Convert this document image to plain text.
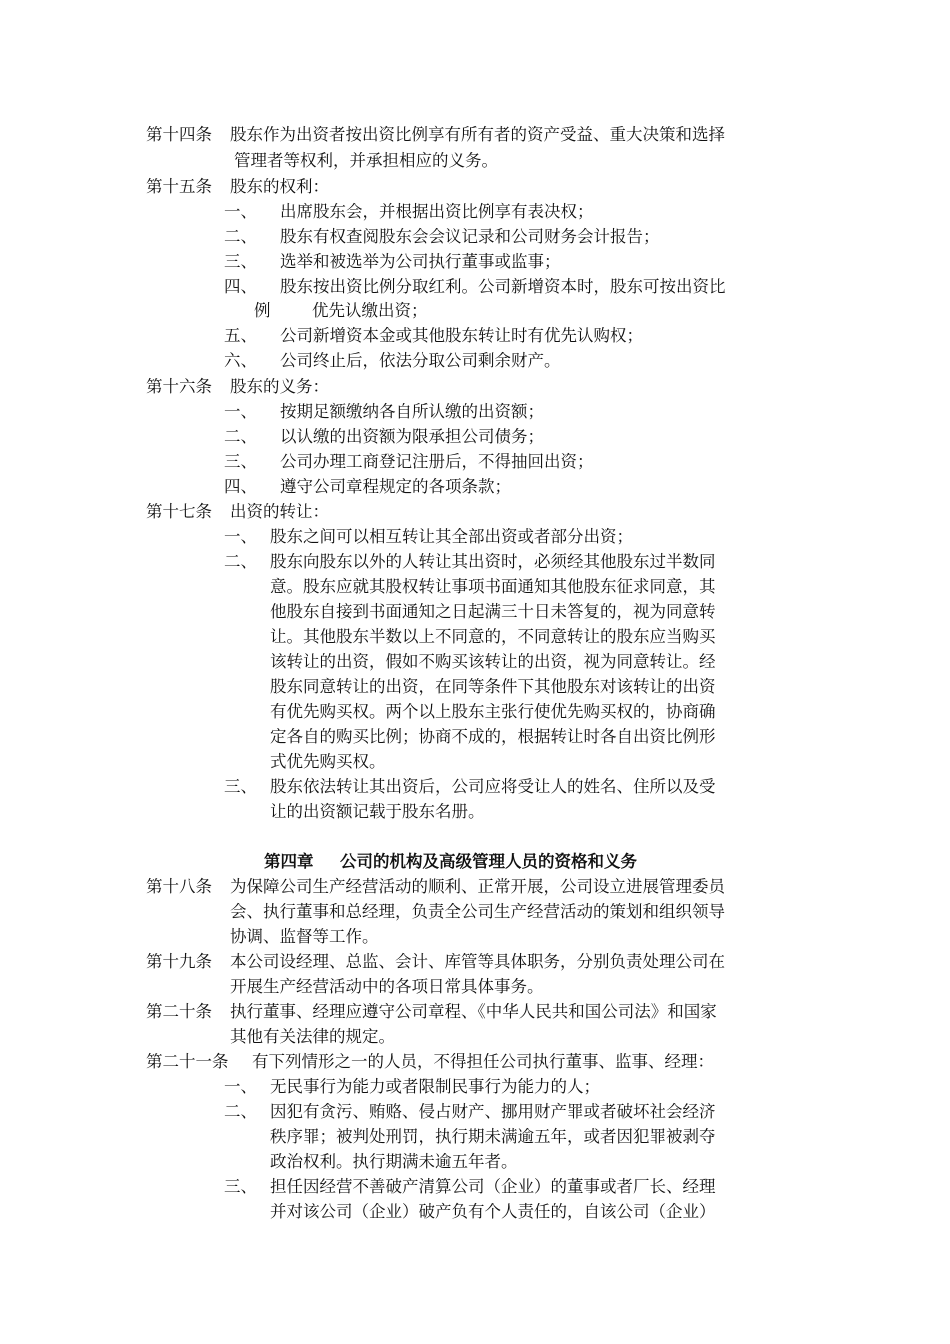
第十四条 股东作为出资者按出资比例享有所有者的资产受益、重大决策和选择
管理者等权利，并承担相应的义务。
第十五条 股东的权利：
一、 出席股东会，并根据出资比例享有表决权；
二、 股东有权查阅股东会会议记录和公司财务会计报告；
三、 选举和被选举为公司执行董事或监事；
四、 股东按出资比例分取红利。公司新增资本时，股东可按出资比
例	优先认缴出资；
五、 公司新增资本金或其他股东转让时有优先认购权；
六、 公司终止后，依法分取公司剩余财产。
第十六条 股东的义务：
一、 按期足额缴纳各自所认缴的出资额；
二、 以认缴的出资额为限承担公司债务；
三、 公司办理工商登记注册后，不得抽回出资；
四、 遵守公司章程规定的各项条款；
第十七条 出资的转让：
一、 股东之间可以相互转让其全部出资或者部分出资；
二、 股东向股东以外的人转让其出资时，必须经其他股东过半数同
意。股东应就其股权转让事项书面通知其他股东征求同意，其
他股东自接到书面通知之日起满三十日未答复的，视为同意转
让。其他股东半数以上不同意的，不同意转让的股东应当购买
该转让的出资，假如不购买该转让的出资，视为同意转让。经
股东同意转让的出资，在同等条件下其他股东对该转让的出资
有优先购买权。两个以上股东主张行使优先购买权的，协商确
定各自的购买比例；协商不成的，根据转让时各自出资比例形
式优先购买权。
三、 股东依法转让其出资后，公司应将受让人的姓名、住所以及受
让的出资额记载于股东名册。
第四章 公司的机构及高级管理人员的资格和义务
第十八条 为保障公司生产经营活动的顺利、正常开展，公司设立进展管理委员
会、执行董事和总经理，负责全公司生产经营活动的策划和组织领导
协调、监督等工作。
第十九条 本公司设经理、总监、会计、库管等具体职务，分别负责处理公司在
开展生产经营活动中的各项日常具体事务。
第二十条 执行董事、经理应遵守公司章程、《中华人民共和国公司法》和国家
其他有关法律的规定。
第二十一条 有下列情形之一的人员，不得担任公司执行董事、监事、经理：
一、 无民事行为能力或者限制民事行为能力的人；
二、 因犯有贪污、贿赂、侵占财产、挪用财产罪或者破坏社会经济
秩序罪；被判处刑罚，执行期未满逾五年，或者因犯罪被剥夺
政治权利。执行期满未逾五年者。
三、 担任因经营不善破产清算公司（企业）的董事或者厂长、经理
并对该公司（企业）破产负有个人责任的，自该公司（企业）
